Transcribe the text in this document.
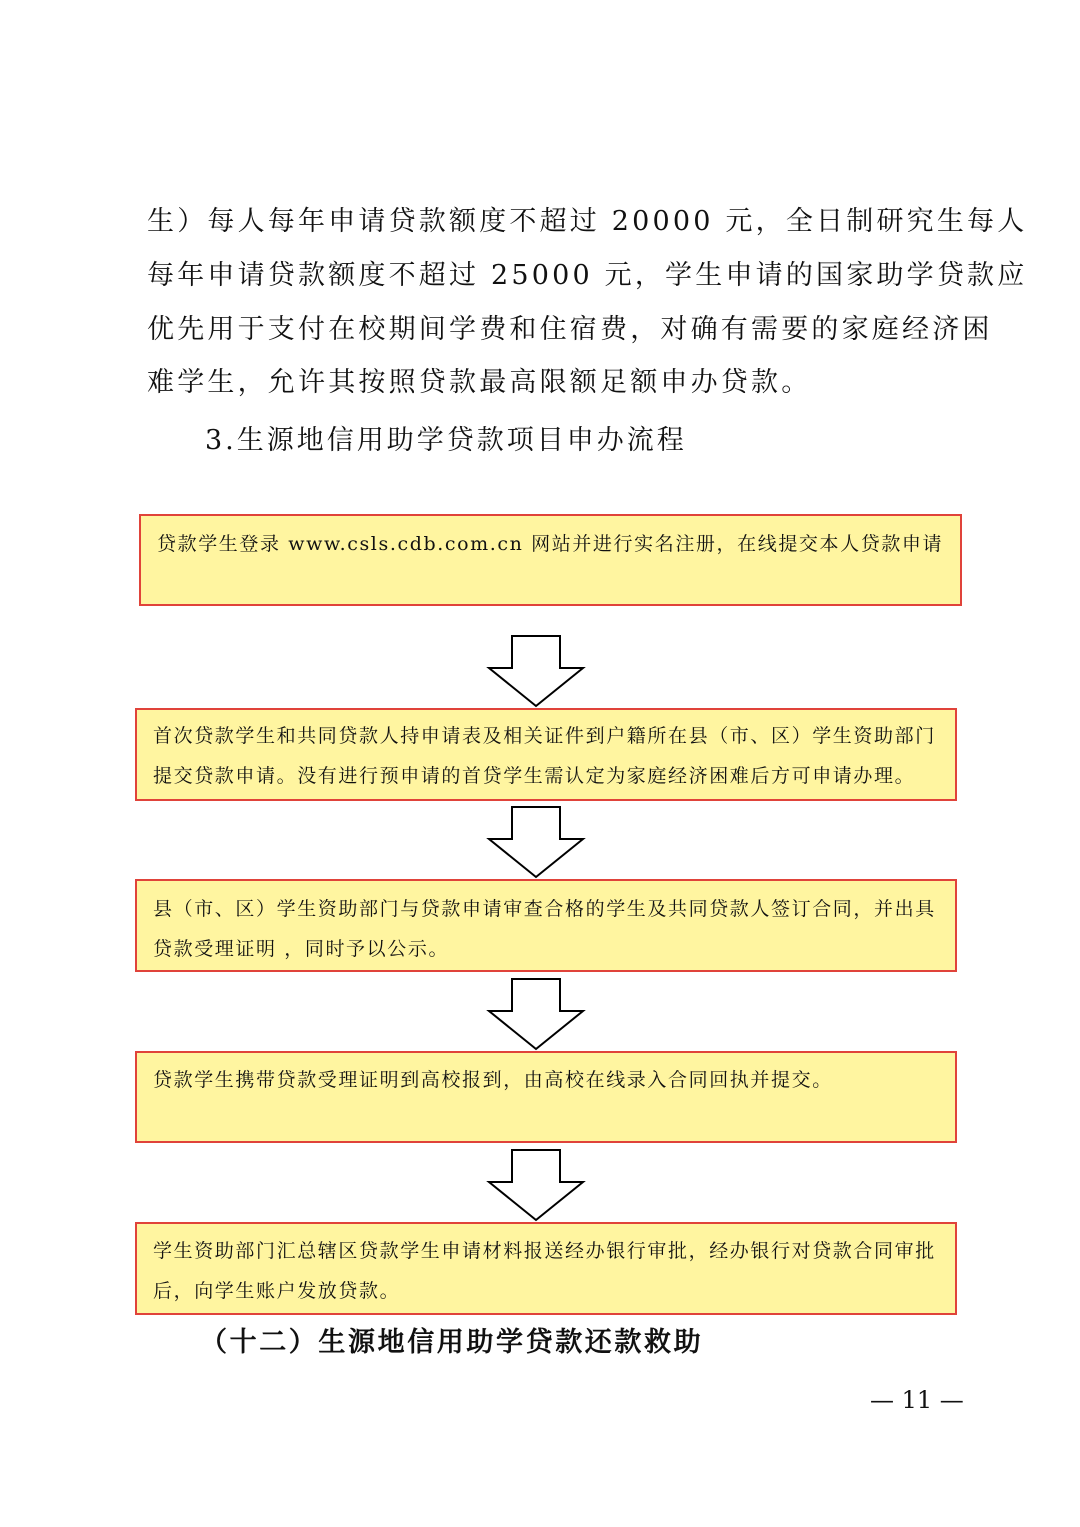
生）每人每年申请贷款额度不超过 20000 元，全日制研究生每人
每年申请贷款额度不超过 25000 元，学生申请的国家助学贷款应
优先用于支付在校期间学费和住宿费，对确有需要的家庭经济困
难学生，允许其按照贷款最高限额足额申办贷款。
3.生源地信用助学贷款项目申办流程
贷款学生登录 www.csls.cdb.com.cn 网站并进行实名注册，在线提交本人贷款申请
首次贷款学生和共同贷款人持申请表及相关证件到户籍所在县（市、区）学生资助部门提交贷款申请。没有进行预申请的首贷学生需认定为家庭经济困难后方可申请办理。
县（市、区）学生资助部门与贷款申请审查合格的学生及共同贷款人签订合同，并出具贷款受理证明 ，同时予以公示。
贷款学生携带贷款受理证明到高校报到，由高校在线录入合同回执并提交。
学生资助部门汇总辖区贷款学生申请材料报送经办银行审批，经办银行对贷款合同审批后，向学生账户发放贷款。
（十二）生源地信用助学贷款还款救助
— 11 —
